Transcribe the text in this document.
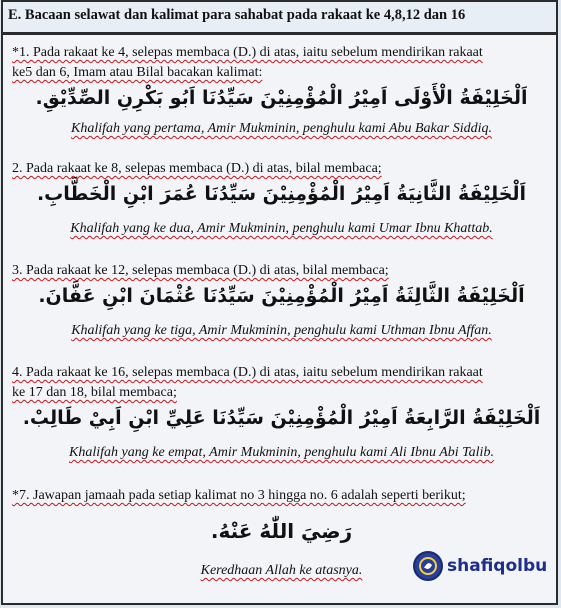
E. Bacaan selawat dan kalimat para sahabat pada rakaat ke 4,8,12 dan 16
*1. Pada rakaat ke 4, selepas membaca (D.) di atas, iaitu sebelum mendirikan rakaat
ke5 dan 6, Imam atau Bilal bacakan kalimat:
اَلْخَلِيْفَةُ الْأَوْلَى اَمِيْرُ الْمُؤْمِنِيْنَ سَيِّدُنَا اَبُو بَكْرِنِ الصِّدِّيْقِ.
Khalifah yang pertama, Amir Mukminin, penghulu kami Abu Bakar Siddiq.
2. Pada rakaat ke 8, selepas membaca (D.) di atas, bilal membaca;
اَلْخَلِيْفَةُ الثَّانِيَةُ اَمِيْرُ الْمُؤْمِنِيْنَ سَيِّدُنَا عُمَرَ ابْنِ الْخَطَّابِ.
Khalifah yang ke dua, Amir Mukminin, penghulu kami Umar Ibnu Khattab.
3. Pada rakaat ke 12, selepas membaca (D.) di atas, bilal membaca;
اَلْخَلِيْفَةُ الثَّالِثَةُ اَمِيْرُ الْمُؤْمِنِيْنَ سَيِّدُنَا عُثْمَانَ ابْنِ عَفَّانَ.
Khalifah yang ke tiga, Amir Mukminin, penghulu kami Uthman Ibnu Affan.
4. Pada rakaat ke 16, selepas membaca (D.) di atas, iaitu sebelum mendirikan rakaat
ke 17 dan 18, bilal membaca;
اَلْخَلِيْفَةُ الرَّابِعَةُ اَمِيْرُ الْمُؤْمِنِيْنَ سَيِّدُنَا عَلِيِّ ابْنِ اَبِيْ طَالِبْ.
Khalifah yang ke empat, Amir Mukminin, penghulu kami Ali Ibnu Abi Talib.
*7. Jawapan jamaah pada setiap kalimat no 3 hingga no. 6 adalah seperti berikut;
رَضِيَ اللّٰهُ عَنْهُ.
Keredhaan Allah ke atasnya.	shafiqolbu
